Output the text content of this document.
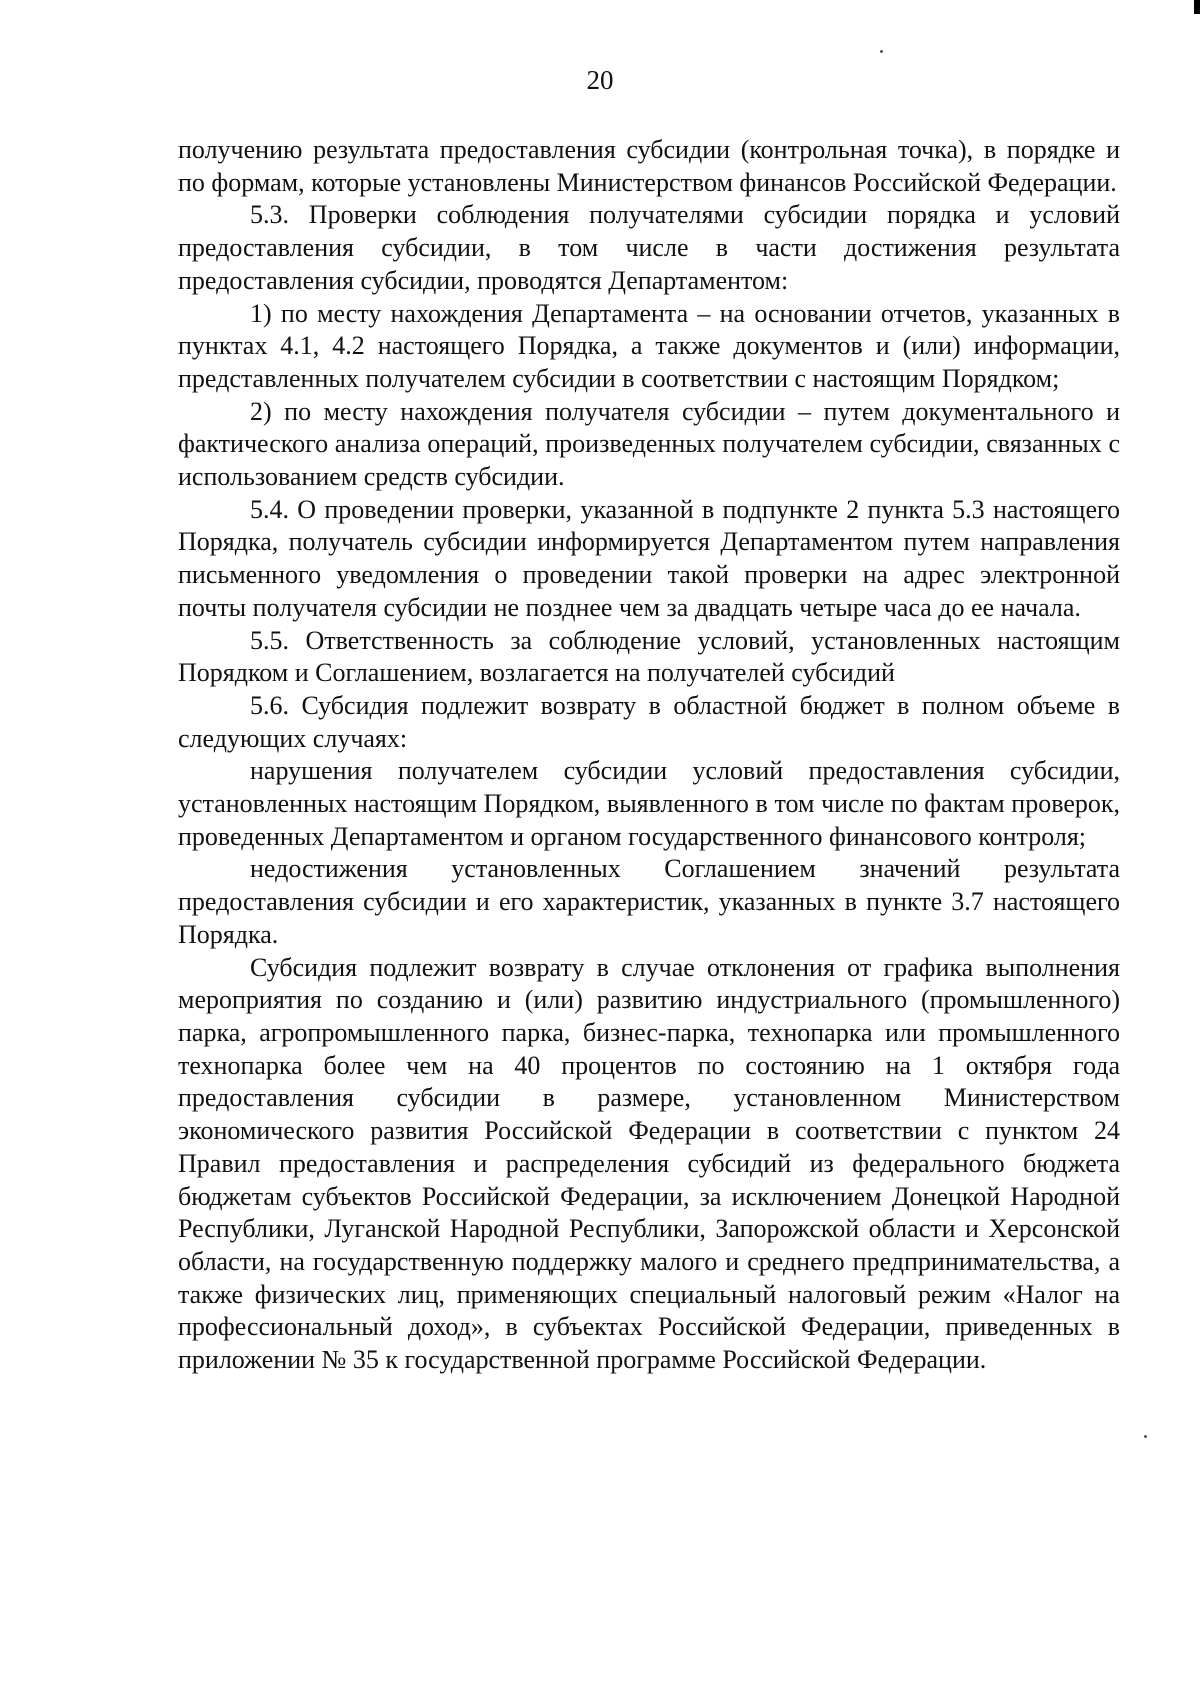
20

получению результата предоставления субсидии (контрольная точка), в порядке и по формам, которые установлены Министерством финансов Российской Федерации.

5.3. Проверки соблюдения получателями субсидии порядка и условий предоставления субсидии, в том числе в части достижения результата предоставления субсидии, проводятся Департаментом:

1) по месту нахождения Департамента – на основании отчетов, указанных в пунктах 4.1, 4.2 настоящего Порядка, а также документов и (или) информации, представленных получателем субсидии в соответствии с настоящим Порядком;

2) по месту нахождения получателя субсидии – путем документального и фактического анализа операций, произведенных получателем субсидии, связанных с использованием средств субсидии.

5.4. О проведении проверки, указанной в подпункте 2 пункта 5.3 настоящего Порядка, получатель субсидии информируется Департаментом путем направления письменного уведомления о проведении такой проверки на адрес электронной почты получателя субсидии не позднее чем за двадцать четыре часа до ее начала.

5.5. Ответственность за соблюдение условий, установленных настоящим Порядком и Соглашением, возлагается на получателей субсидий

5.6. Субсидия подлежит возврату в областной бюджет в полном объеме в следующих случаях:

нарушения получателем субсидии условий предоставления субсидии, установленных настоящим Порядком, выявленного в том числе по фактам проверок, проведенных Департаментом и органом государственного финансового контроля;

недостижения установленных Соглашением значений результата предоставления субсидии и его характеристик, указанных в пункте 3.7 настоящего Порядка.

Субсидия подлежит возврату в случае отклонения от графика выполнения мероприятия по созданию и (или) развитию индустриального (промышленного) парка, агропромышленного парка, бизнес-парка, технопарка или промышленного технопарка более чем на 40 процентов по состоянию на 1 октября года предоставления субсидии в размере, установленном Министерством экономического развития Российской Федерации в соответствии с пунктом 24 Правил предоставления и распределения субсидий из федерального бюджета бюджетам субъектов Российской Федерации, за исключением Донецкой Народной Республики, Луганской Народной Республики, Запорожской области и Херсонской области, на государственную поддержку малого и среднего предпринимательства, а также физических лиц, применяющих специальный налоговый режим «Налог на профессиональный доход», в субъектах Российской Федерации, приведенных в приложении № 35 к государственной программе Российской Федерации.
